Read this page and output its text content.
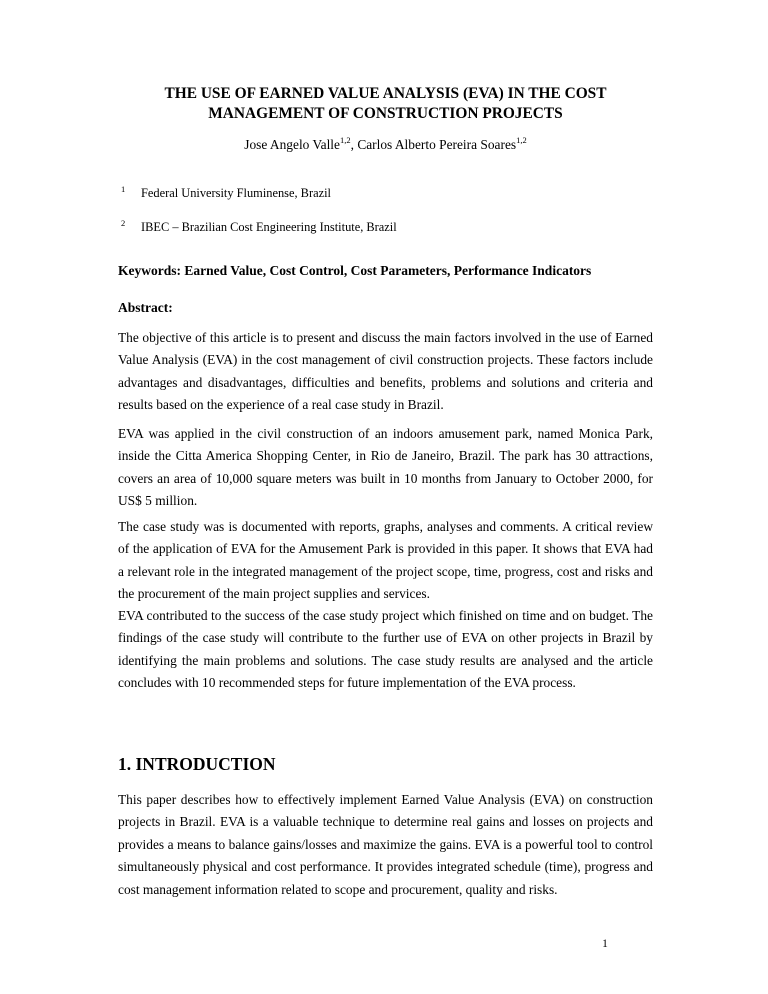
THE USE OF EARNED VALUE ANALYSIS (EVA) IN THE COST MANAGEMENT OF CONSTRUCTION PROJECTS
Jose Angelo Valle$^{1,2}$, Carlos Alberto Pereira Soares$^{1,2}$
1 Federal University Fluminense, Brazil
2 IBEC – Brazilian Cost Engineering Institute, Brazil
Keywords: Earned Value, Cost Control, Cost Parameters, Performance Indicators
Abstract:

The objective of this article is to present and discuss the main factors involved in the use of Earned Value Analysis (EVA) in the cost management of civil construction projects. These factors include advantages and disadvantages, difficulties and benefits, problems and solutions and criteria and results based on the experience of a real case study in Brazil.

EVA was applied in the civil construction of an indoors amusement park, named Monica Park, inside the Citta America Shopping Center, in Rio de Janeiro, Brazil. The park has 30 attractions, covers an area of 10,000 square meters was built in 10 months from January to October 2000, for US$ 5 million.

The case study was is documented with reports, graphs, analyses and comments. A critical review of the application of EVA for the Amusement Park is provided in this paper. It shows that EVA had a relevant role in the integrated management of the project scope, time, progress, cost and risks and the procurement of the main project supplies and services.

EVA contributed to the success of the case study project which finished on time and on budget. The findings of the case study will contribute to the further use of EVA on other projects in Brazil by identifying the main problems and solutions. The case study results are analysed and the article concludes with 10 recommended steps for future implementation of the EVA process.

1. INTRODUCTION

This paper describes how to effectively implement Earned Value Analysis (EVA) on construction projects in Brazil. EVA is a valuable technique to determine real gains and losses on projects and provides a means to balance gains/losses and maximize the gains. EVA is a powerful tool to control simultaneously physical and cost performance. It provides integrated schedule (time), progress and cost management information related to scope and procurement, quality and risks.

1
